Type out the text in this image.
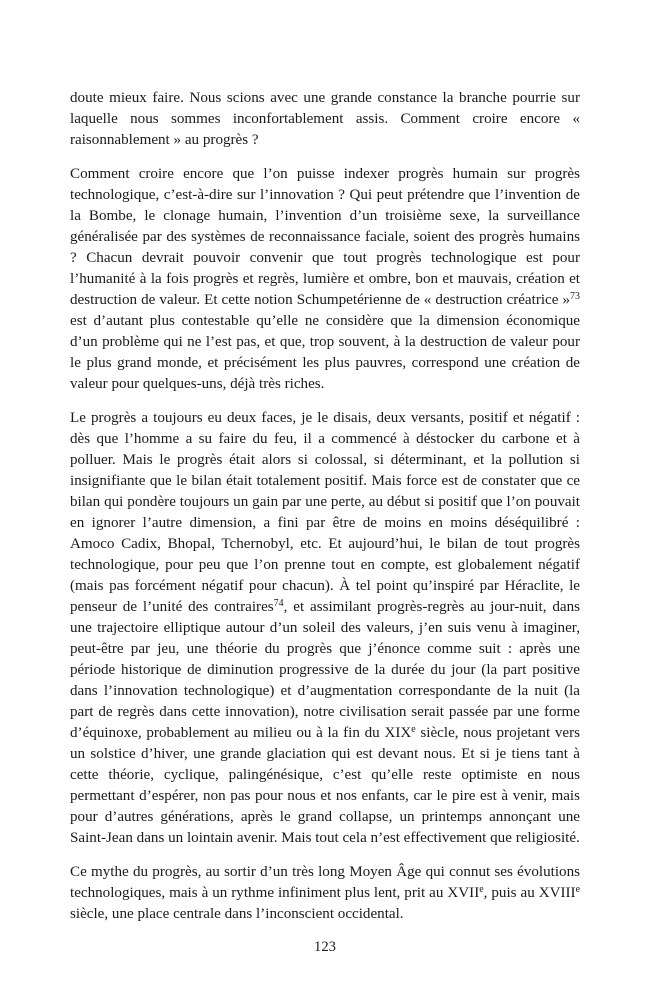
doute mieux faire. Nous scions avec une grande constance la branche pourrie sur laquelle nous sommes inconfortablement assis. Comment croire encore « raisonnablement » au progrès ?

Comment croire encore que l’on puisse indexer progrès humain sur progrès technologique, c’est-à-dire sur l’innovation ? Qui peut prétendre que l’invention de la Bombe, le clonage humain, l’invention d’un troisième sexe, la surveillance généralisée par des systèmes de reconnaissance faciale, soient des progrès humains ? Chacun devrait pouvoir convenir que tout progrès technologique est pour l’humanité à la fois progrès et regrès, lumière et ombre, bon et mauvais, création et destruction de valeur. Et cette notion Schumpetérienne de « destruction créatrice »$^{73}$ est d’autant plus contestable qu’elle ne considère que la dimension économique d’un problème qui ne l’est pas, et que, trop souvent, à la destruction de valeur pour le plus grand monde, et précisément les plus pauvres, correspond une création de valeur pour quelques-uns, déjà très riches.

Le progrès a toujours eu deux faces, je le disais, deux versants, positif et négatif : dès que l’homme a su faire du feu, il a commencé à déstocker du carbone et à polluer. Mais le progrès était alors si colossal, si déterminant, et la pollution si insignifiante que le bilan était totalement positif. Mais force est de constater que ce bilan qui pondère toujours un gain par une perte, au début si positif que l’on pouvait en ignorer l’autre dimension, a fini par être de moins en moins déséquilibré : Amoco Cadix, Bhopal, Tchernobyl, etc. Et aujourd’hui, le bilan de tout progrès technologique, pour peu que l’on prenne tout en compte, est globalement négatif (mais pas forcément négatif pour chacun). À tel point qu’inspiré par Héraclite, le penseur de l’unité des contraires$^{74}$, et assimilant progrès-regrès au jour-nuit, dans une trajectoire elliptique autour d’un soleil des valeurs, j’en suis venu à imaginer, peut-être par jeu, une théorie du progrès que j’énonce comme suit : après une période historique de diminution progressive de la durée du jour (la part positive dans l’innovation technologique) et d’augmentation correspondante de la nuit (la part de regrès dans cette innovation), notre civilisation serait passée par une forme d’équinoxe, probablement au milieu ou à la fin du XIXe siècle, nous projetant vers un solstice d’hiver, une grande glaciation qui est devant nous. Et si je tiens tant à cette théorie, cyclique, palingénésique, c’est qu’elle reste optimiste en nous permettant d’espérer, non pas pour nous et nos enfants, car le pire est à venir, mais pour d’autres générations, après le grand collapse, un printemps annonçant une Saint-Jean dans un lointain avenir. Mais tout cela n’est effectivement que religiosité.

Ce mythe du progrès, au sortir d’un très long Moyen Âge qui connut ses évolutions technologiques, mais à un rythme infiniment plus lent, prit au XVIIe, puis au XVIIIe siècle, une place centrale dans l’inconscient occidental.

123
